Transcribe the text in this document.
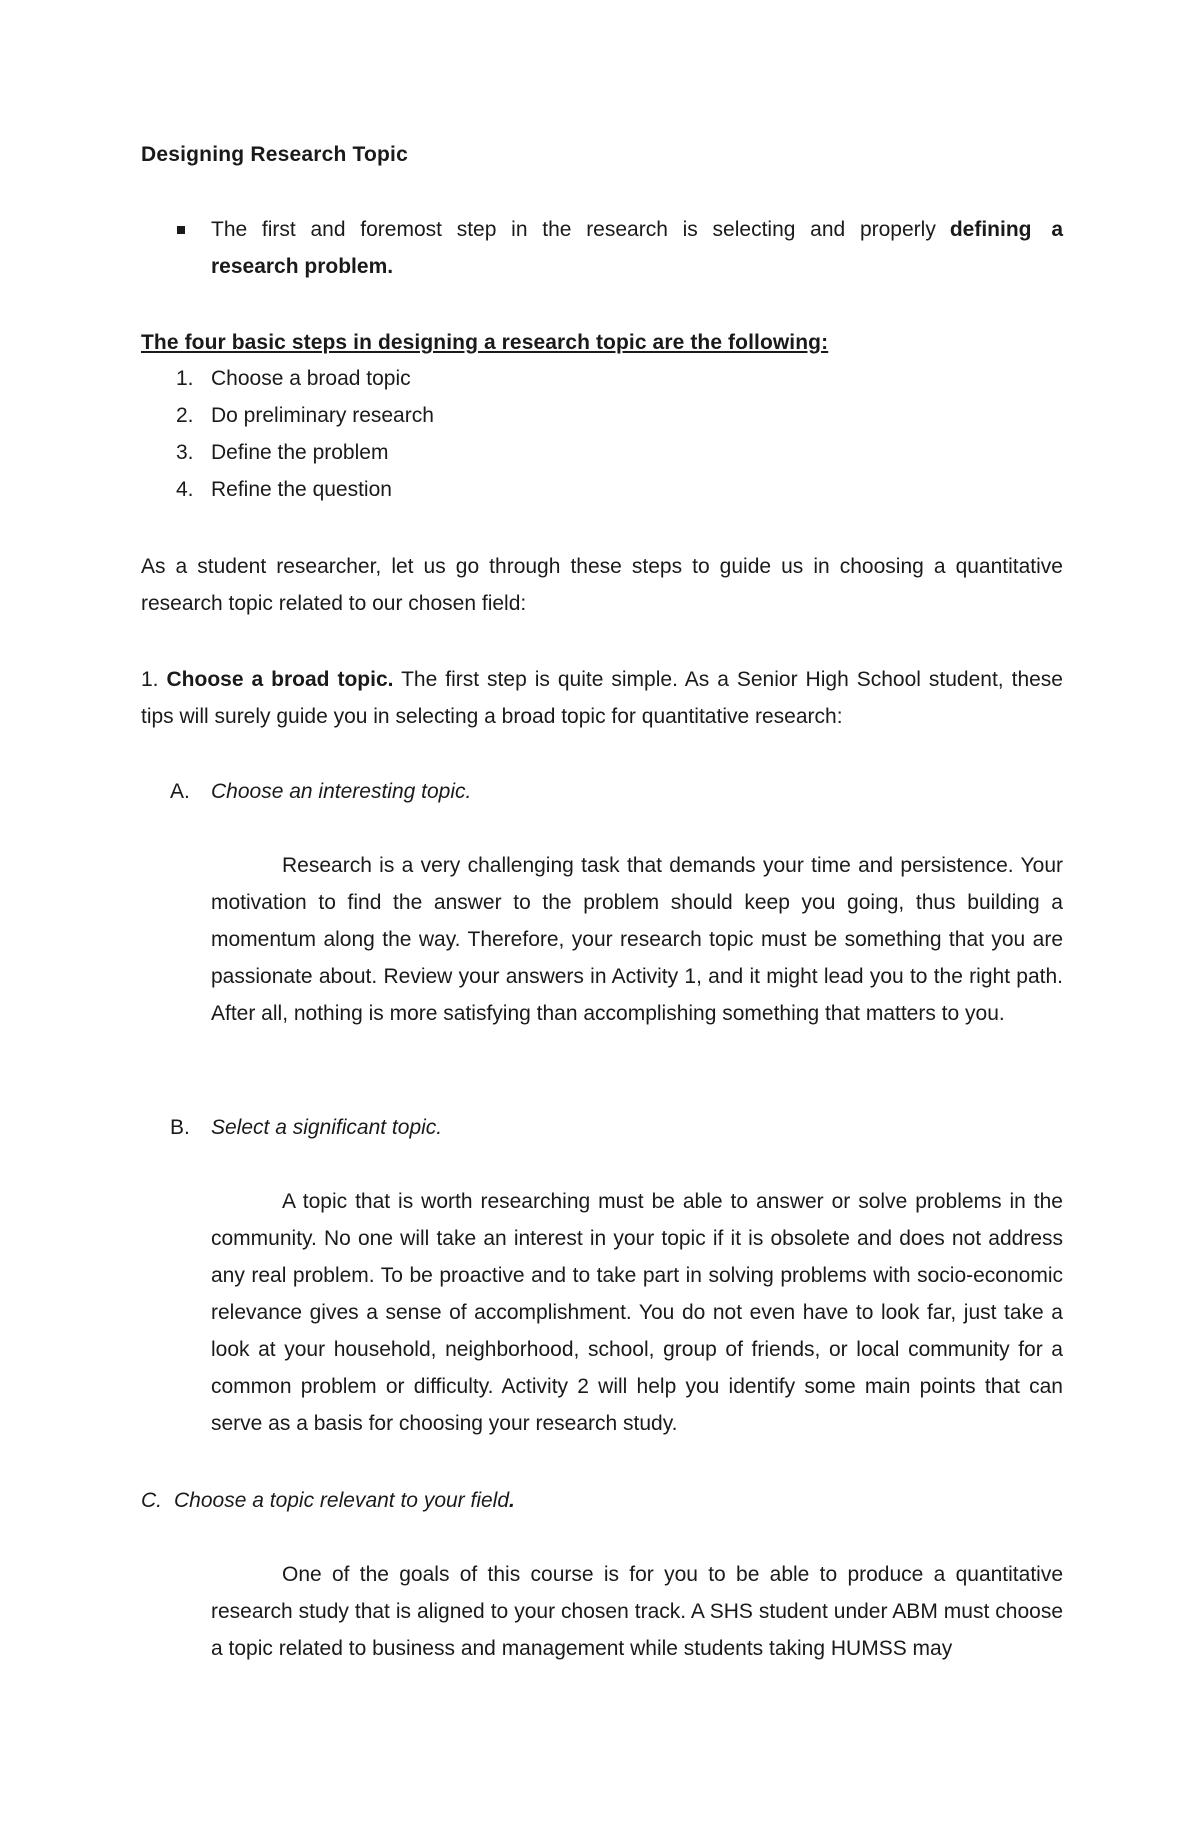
Designing Research Topic
The first and foremost step in the research is selecting and properly defining a
research problem.
The four basic steps in designing a research topic are the following:
1. Choose a broad topic
2. Do preliminary research
3. Define the problem
4. Refine the question
As a student researcher, let us go through these steps to guide us in choosing a quantitative research topic related to our chosen field:
1. Choose a broad topic. The first step is quite simple. As a Senior High School student, these tips will surely guide you in selecting a broad topic for quantitative research:
A. Choose an interesting topic.
Research is a very challenging task that demands your time and persistence. Your motivation to find the answer to the problem should keep you going, thus building a momentum along the way. Therefore, your research topic must be something that you are passionate about. Review your answers in Activity 1, and it might lead you to the right path. After all, nothing is more satisfying than accomplishing something that matters to you.
B. Select a significant topic.
A topic that is worth researching must be able to answer or solve problems in the community. No one will take an interest in your topic if it is obsolete and does not address any real problem. To be proactive and to take part in solving problems with socio-economic relevance gives a sense of accomplishment. You do not even have to look far, just take a look at your household, neighborhood, school, group of friends, or local community for a common problem or difficulty. Activity 2 will help you identify some main points that can serve as a basis for choosing your research study.
C. Choose a topic relevant to your field.
One of the goals of this course is for you to be able to produce a quantitative research study that is aligned to your chosen track. A SHS student under ABM must choose a topic related to business and management while students taking HUMSS may
